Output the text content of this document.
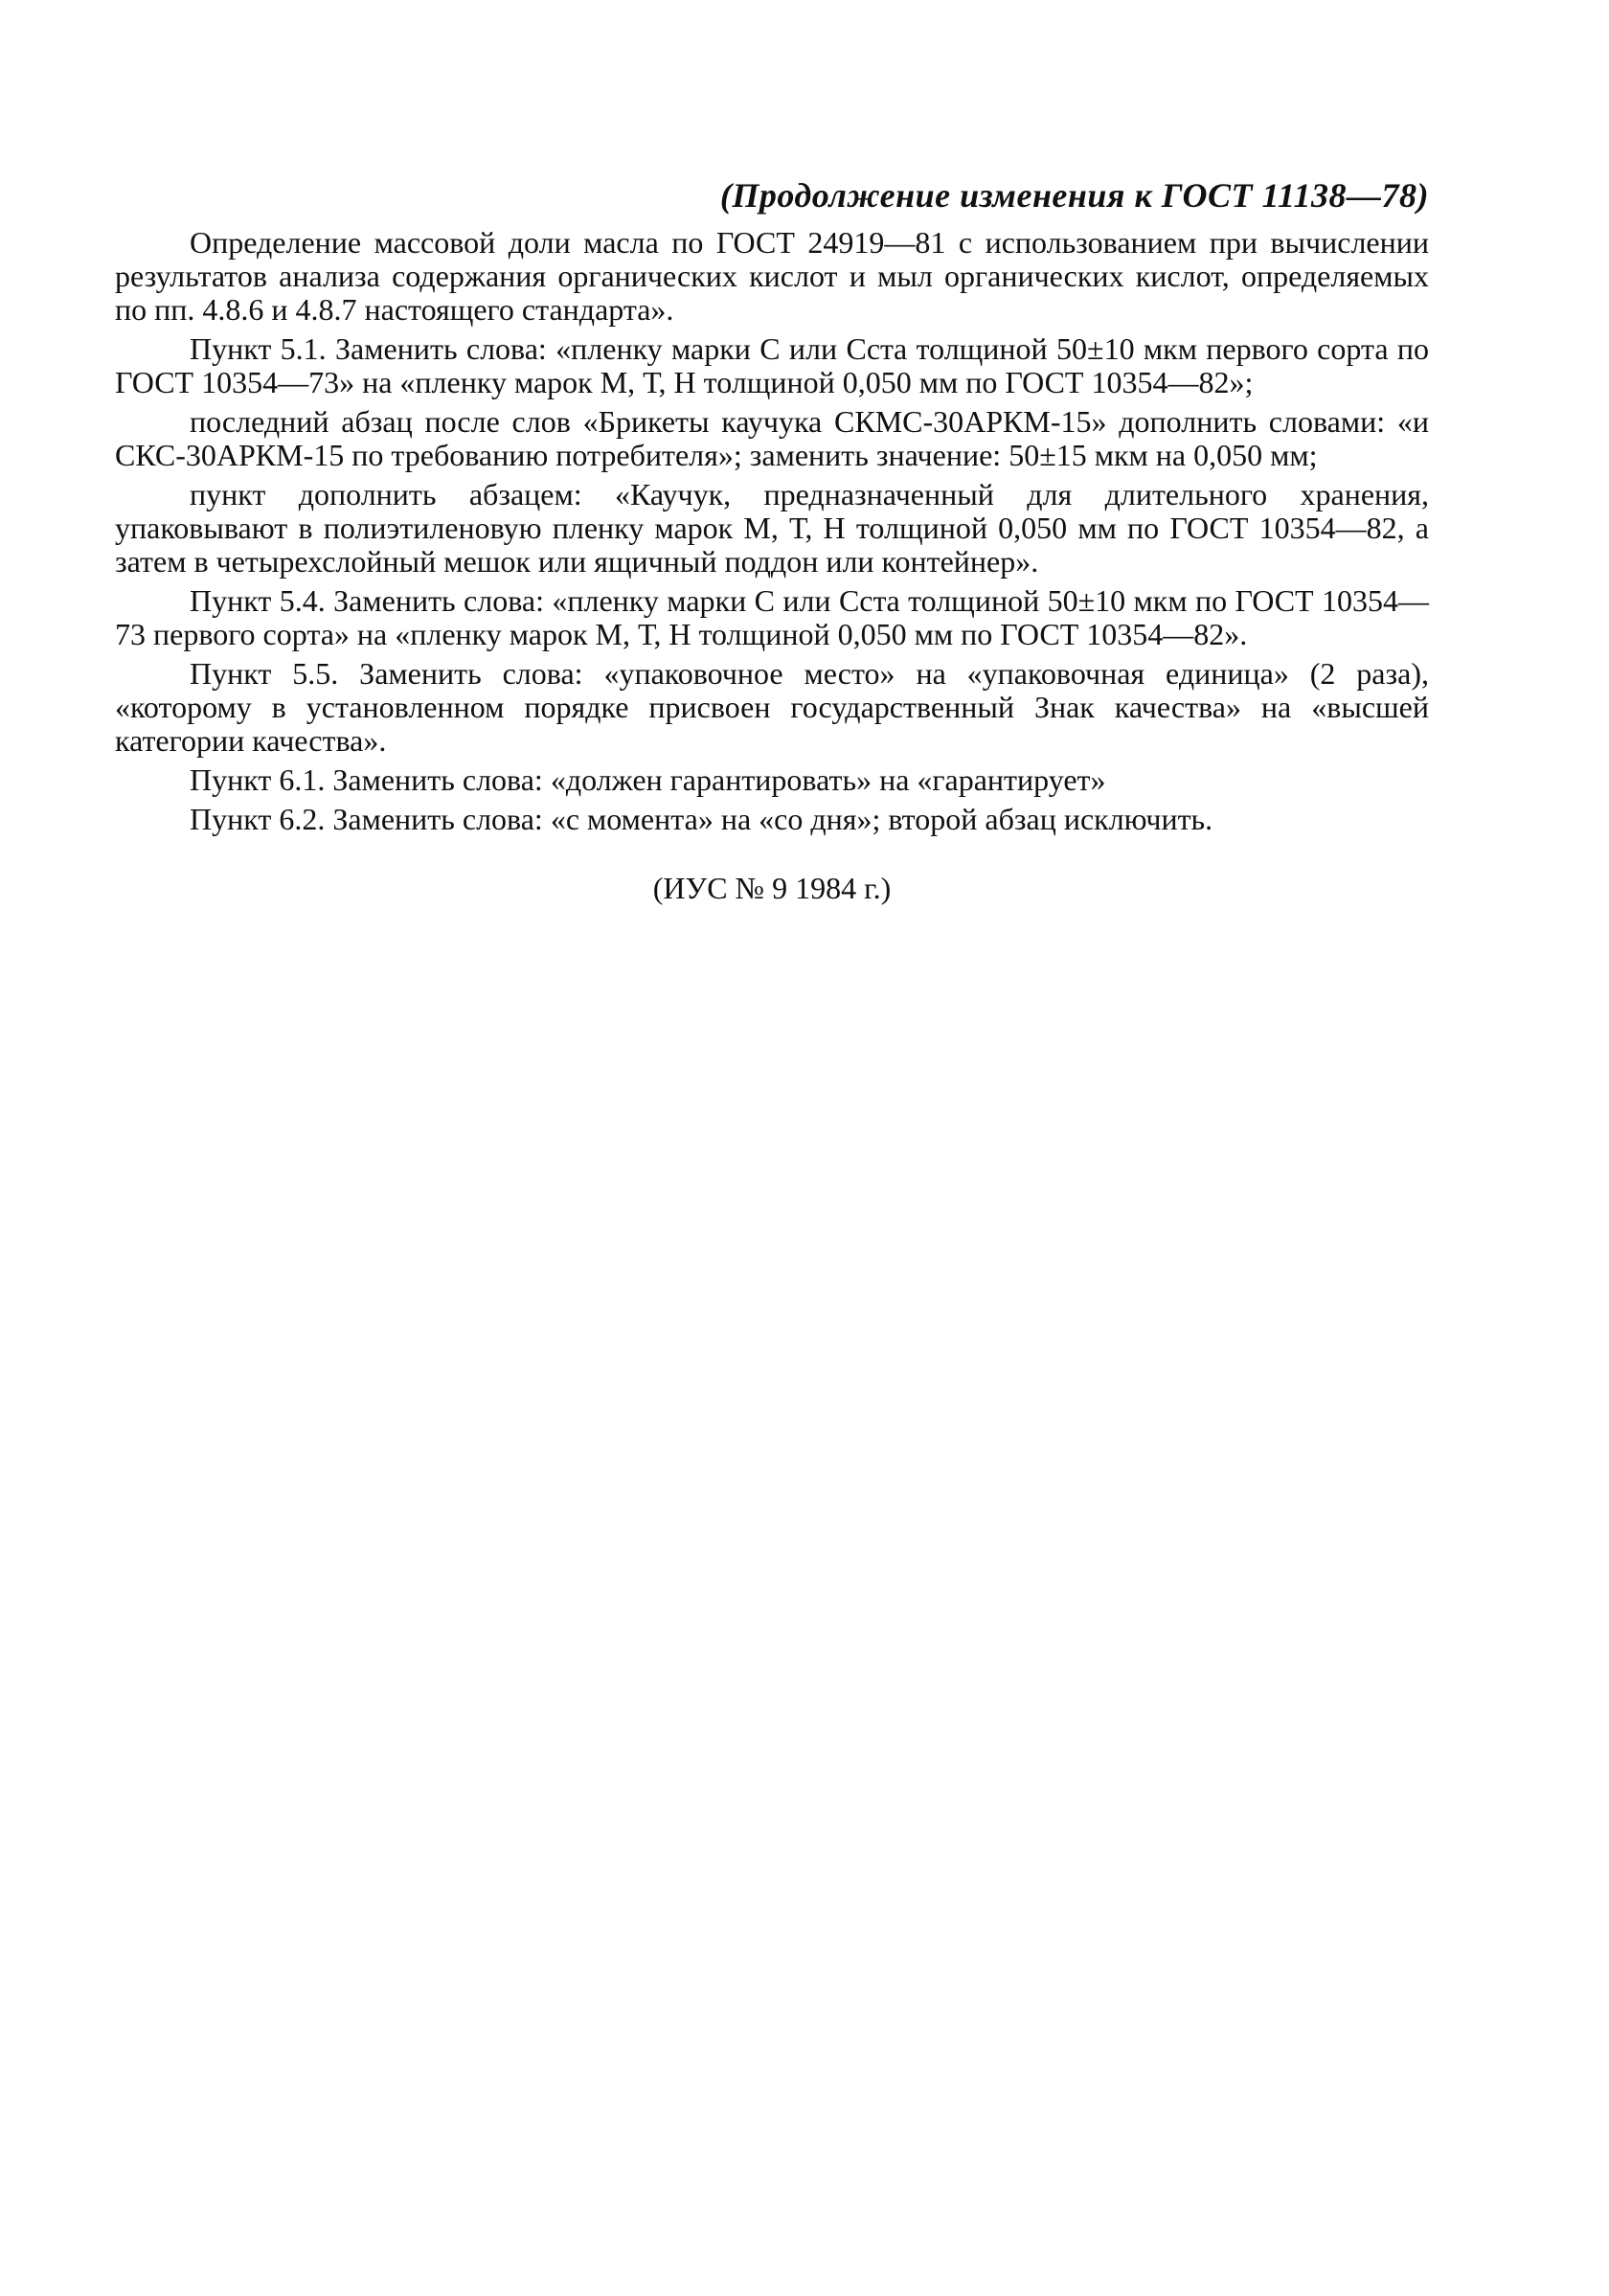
(Продолжение изменения к ГОСТ 11138—78)

Определение массовой доли масла по ГОСТ 24919—81 с использованием при вычислении результатов анализа содержания органических кислот и мыл органических кислот, определяемых по пп. 4.8.6 и 4.8.7 настоящего стандарта».

Пункт 5.1. Заменить слова: «пленку марки С или Ccтa толщиной 50±10 мкм первого сорта по ГОСТ 10354—73» на «пленку марок М, Т, Н толщиной 0,050 мм по ГОСТ 10354—82»;

последний абзац после слов «Брикеты каучука СКМС-30АРКМ-15» дополнить словами: «и СКС-30АРКМ-15 по требованию потребителя»; заменить значение: 50±15 мкм на 0,050 мм;

пункт дополнить абзацем: «Каучук, предназначенный для длительного хранения, упаковывают в полиэтиленовую пленку марок М, Т, Н толщиной 0,050 мм по ГОСТ 10354—82, а затем в четырехслойный мешок или ящичный поддон или контейнер».

Пункт 5.4. Заменить слова: «пленку марки С или Ccтa толщиной 50±10 мкм по ГОСТ 10354—73 первого сорта» на «пленку марок М, Т, Н толщиной 0,050 мм по ГОСТ 10354—82».

Пункт 5.5. Заменить слова: «упаковочное место» на «упаковочная единица» (2 раза), «которому в установленном порядке присвоен государственный Знак качества» на «высшей категории качества».

Пункт 6.1. Заменить слова: «должен гарантировать» на «гарантирует»

Пункт 6.2. Заменить слова: «с момента» на «со дня»; второй абзац исключить.

(ИУС № 9 1984 г.)
